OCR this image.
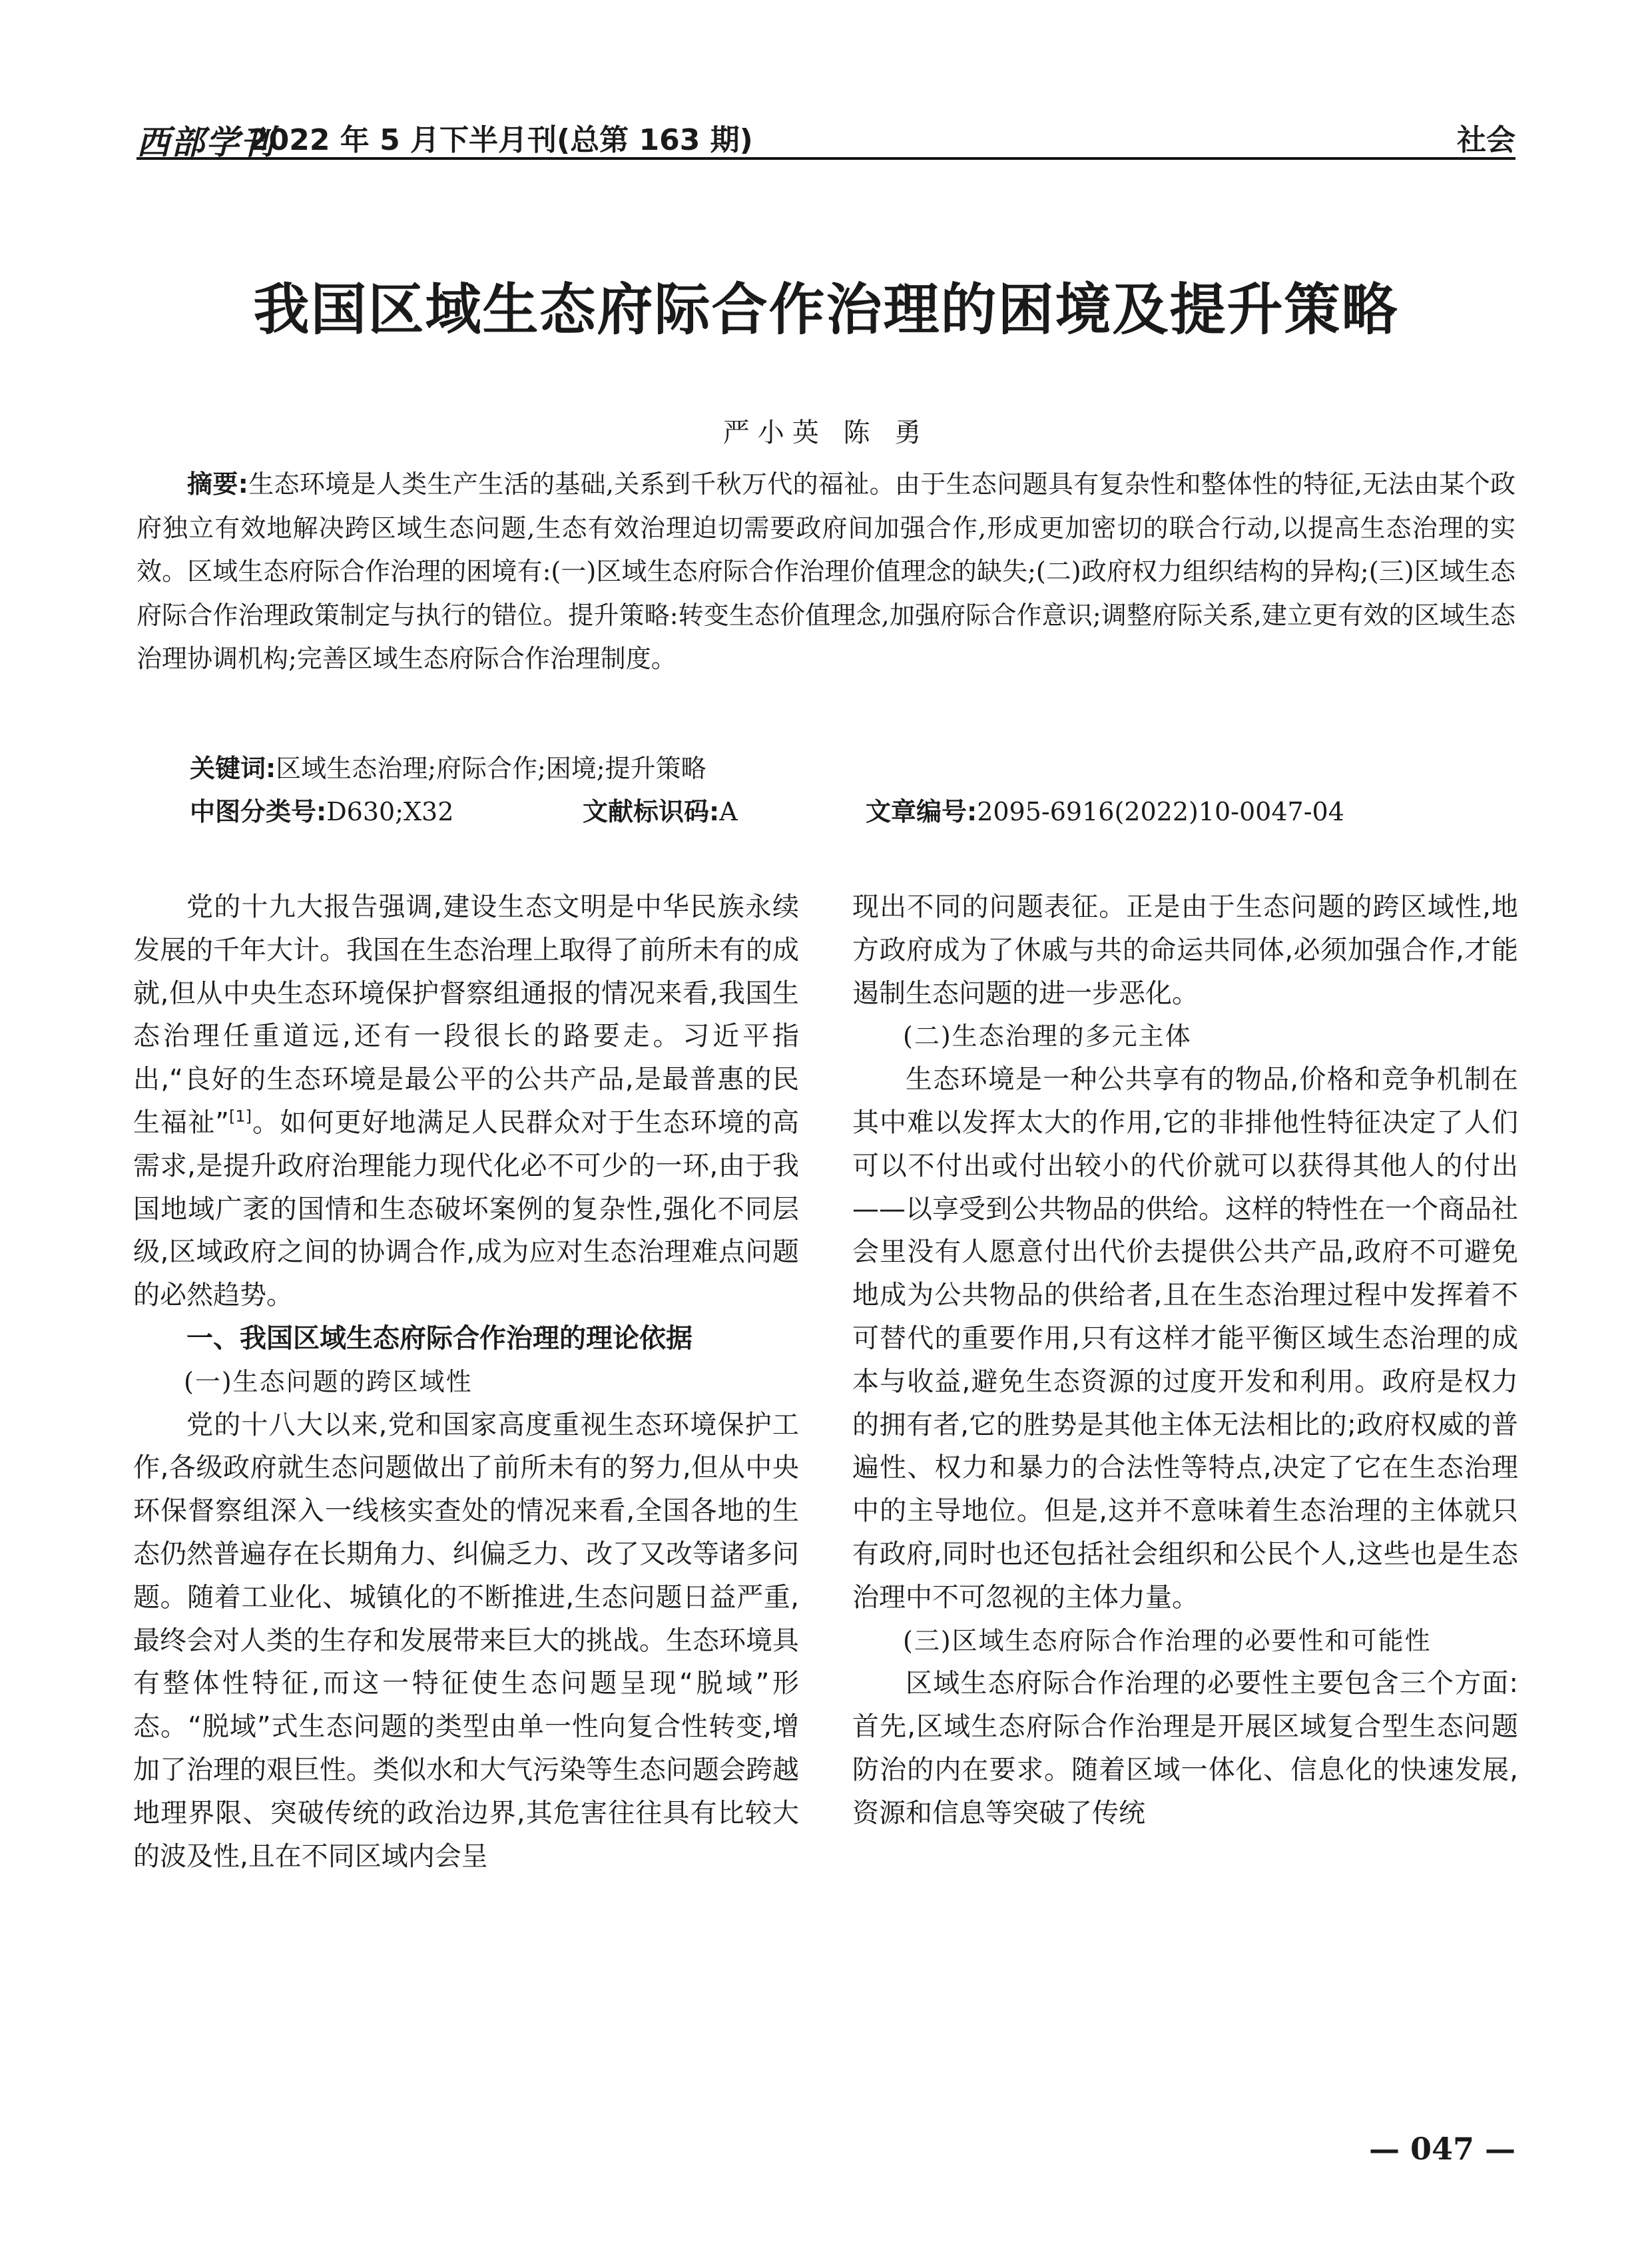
西部学刊
2022 年 5 月下半月刊(总第 163 期)	社会
我国区域生态府际合作治理的困境及提升策略
严小英 陈 勇

摘要:生态环境是人类生产生活的基础,关系到千秋万代的福祉。由于生态问题具有复杂性和整体性的特征,无法由某个政府独立有效地解决跨区域生态问题,生态有效治理迫切需要政府间加强合作,形成更加密切的联合行动,以提高生态治理的实效。区域生态府际合作治理的困境有:(一)区域生态府际合作治理价值理念的缺失;(二)政府权力组织结构的异构;(三)区域生态府际合作治理政策制定与执行的错位。提升策略:转变生态价值理念,加强府际合作意识;调整府际关系,建立更有效的区域生态治理协调机构;完善区域生态府际合作治理制度。

关键词:区域生态治理;府际合作;困境;提升策略
中图分类号:D630;X32	文献标识码:A	文章编号:2095-6916(2022)10-0047-04

党的十九大报告强调,建设生态文明是中华民族永续发展的千年大计。我国在生态治理上取得了前所未有的成就,但从中央生态环境保护督察组通报的情况来看,我国生态治理任重道远,还有一段很长的路要走。习近平指出,“良好的生态环境是最公平的公共产品,是最普惠的民生福祉”[1]。如何更好地满足人民群众对于生态环境的高需求,是提升政府治理能力现代化必不可少的一环,由于我国地域广袤的国情和生态破坏案例的复杂性,强化不同层级,区域政府之间的协调合作,成为应对生态治理难点问题的必然趋势。

一、我国区域生态府际合作治理的理论依据
(一)生态问题的跨区域性

党的十八大以来,党和国家高度重视生态环境保护工作,各级政府就生态问题做出了前所未有的努力,但从中央环保督察组深入一线核实查处的情况来看,全国各地的生态仍然普遍存在长期角力、纠偏乏力、改了又改等诸多问题。随着工业化、城镇化的不断推进,生态问题日益严重,最终会对人类的生存和发展带来巨大的挑战。生态环境具有整体性特征,而这一特征使生态问题呈现“脱域”形态。“脱域”式生态问题的类型由单一性向复合性转变,增加了治理的艰巨性。类似水和大气污染等生态问题会跨越地理界限、突破传统的政治边界,其危害往往具有比较大的波及性,且在不同区域内会呈

现出不同的问题表征。正是由于生态问题的跨区域性,地方政府成为了休戚与共的命运共同体,必须加强合作,才能遏制生态问题的进一步恶化。

(二)生态治理的多元主体

生态环境是一种公共享有的物品,价格和竞争机制在其中难以发挥太大的作用,它的非排他性特征决定了人们可以不付出或付出较小的代价就可以获得其他人的付出——以享受到公共物品的供给。这样的特性在一个商品社会里没有人愿意付出代价去提供公共产品,政府不可避免地成为公共物品的供给者,且在生态治理过程中发挥着不可替代的重要作用,只有这样才能平衡区域生态治理的成本与收益,避免生态资源的过度开发和利用。政府是权力的拥有者,它的胜势是其他主体无法相比的;政府权威的普遍性、权力和暴力的合法性等特点,决定了它在生态治理中的主导地位。但是,这并不意味着生态治理的主体就只有政府,同时也还包括社会组织和公民个人,这些也是生态治理中不可忽视的主体力量。

(三)区域生态府际合作治理的必要性和可能性

区域生态府际合作治理的必要性主要包含三个方面:首先,区域生态府际合作治理是开展区域复合型生态问题防治的内在要求。随着区域一体化、信息化的快速发展,资源和信息等突破了传统

— 047 —
